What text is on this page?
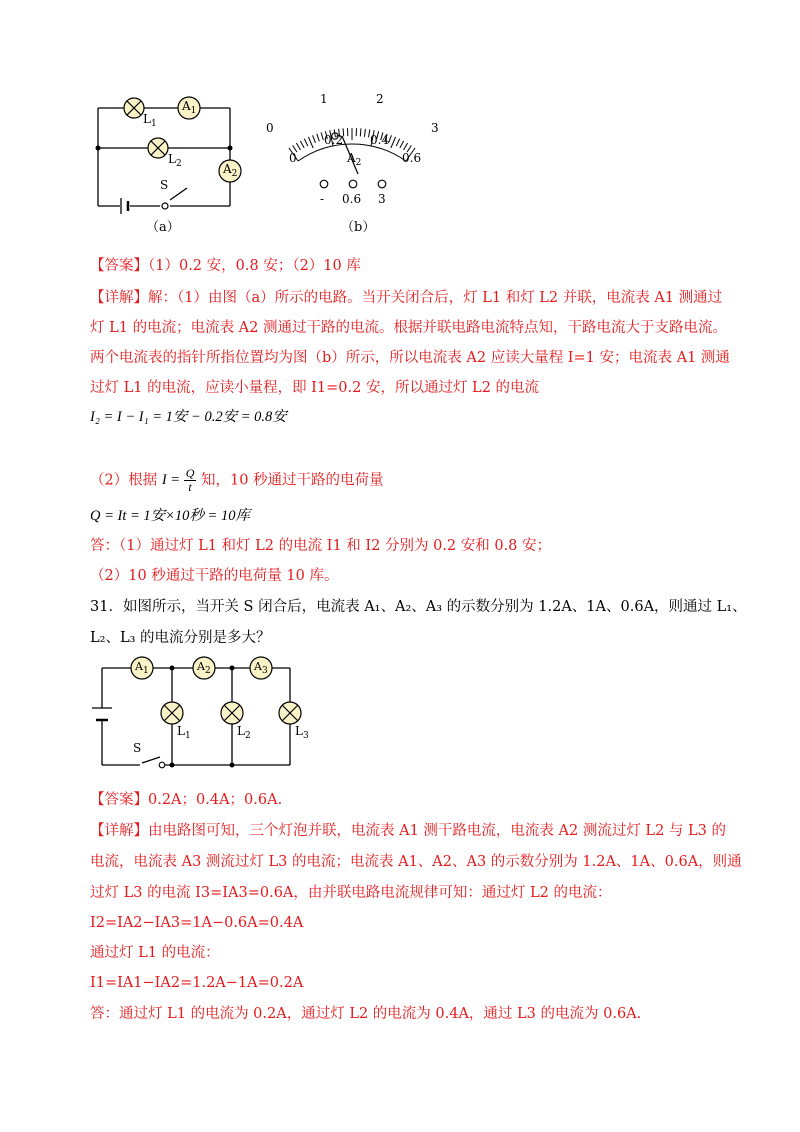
$A_1$
$A_2$
$L_1$
$L_2$
S
（a）
0
1	2
3
0
0.2 0.4
0.6
$A_2$
- 0.6 3
（b）
【答案】（1）0.2 安，0.8 安；（2）10 库
【详解】解：（1）由图（a）所示的电路。当开关闭合后，灯 L1 和灯 L2 并联，电流表 A1 测通过
灯 L1 的电流；电流表 A2 测通过干路的电流。根据并联电路电流特点知，干路电流大于支路电流。
两个电流表的指针所指位置均为图（b）所示，所以电流表 A2 应读大量程 I=1 安；电流表 A1 测通
过灯 L1 的电流，应读小量程，即 I1=0.2 安，所以通过灯 L2 的电流
I₂ = I − I₁ = 1安 − 0.2安 = 0.8安
（2）根据 $I = \frac{Q}{t}$ 知，10 秒通过干路的电荷量
Q = It = 1安×10秒 = 10库
答：（1）通过灯 L1 和灯 L2 的电流 I1 和 I2 分别为 0.2 安和 0.8 安；
（2）10 秒通过干路的电荷量 10 库。
31．如图所示，当开关 S 闭合后，电流表 A₁、A₂、A₃ 的示数分别为 1.2A、1A、0.6A，则通过 L₁、
L₂、L₃ 的电流分别是多大？
$A_1$	$A_2$	$A_3$
$L_1$	$L_2$	$L_3$
S
【答案】0.2A；0.4A；0.6A.
【详解】由电路图可知，三个灯泡并联，电流表 A1 测干路电流，电流表 A2 测流过灯 L2 与 L3 的
电流，电流表 A3 测流过灯 L3 的电流；电流表 A1、A2、A3 的示数分别为 1.2A、1A、0.6A，则通
过灯 L3 的电流 I3=IA3=0.6A，由并联电路电流规律可知：通过灯 L2 的电流：
I2=IA2−IA3=1A−0.6A=0.4A
通过灯 L1 的电流：
I1=IA1−IA2=1.2A−1A=0.2A
答：通过灯 L1 的电流为 0.2A，通过灯 L2 的电流为 0.4A，通过 L3 的电流为 0.6A.
